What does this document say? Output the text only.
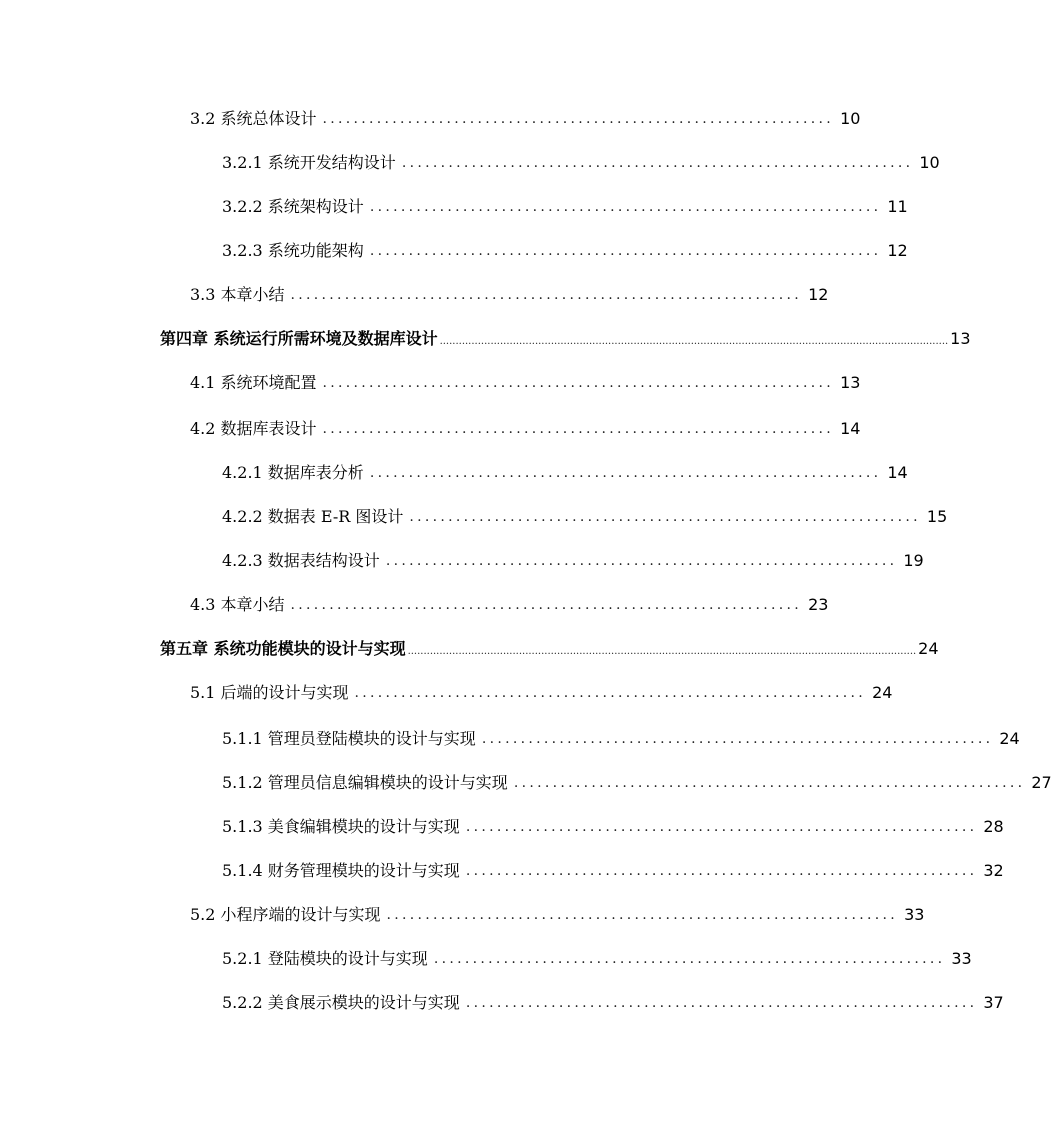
3.2 系统总体设计 .................................................................. 10
3.2.1 系统开发结构设计 .................................................................. 10
3.2.2 系统架构设计 .................................................................. 11
3.2.3 系统功能架构 .................................................................. 12
3.3 本章小结 .................................................................. 12
第四章 系统运行所需环境及数据库设计 ................................................................................................................................................................ 13
4.1 系统环境配置 .................................................................. 13
4.2 数据库表设计 .................................................................. 14
4.2.1 数据库表分析 .................................................................. 14
4.2.2 数据表 E-R 图设计 .................................................................. 15
4.2.3 数据表结构设计 .................................................................. 19
4.3 本章小结 .................................................................. 23
第五章 系统功能模块的设计与实现 ................................................................................................................................................................ 24
5.1 后端的设计与实现 .................................................................. 24
5.1.1 管理员登陆模块的设计与实现 .................................................................. 24
5.1.2 管理员信息编辑模块的设计与实现 .................................................................. 27
5.1.3 美食编辑模块的设计与实现 .................................................................. 28
5.1.4 财务管理模块的设计与实现 .................................................................. 32
5.2 小程序端的设计与实现 .................................................................. 33
5.2.1 登陆模块的设计与实现 .................................................................. 33
5.2.2 美食展示模块的设计与实现 .................................................................. 37
